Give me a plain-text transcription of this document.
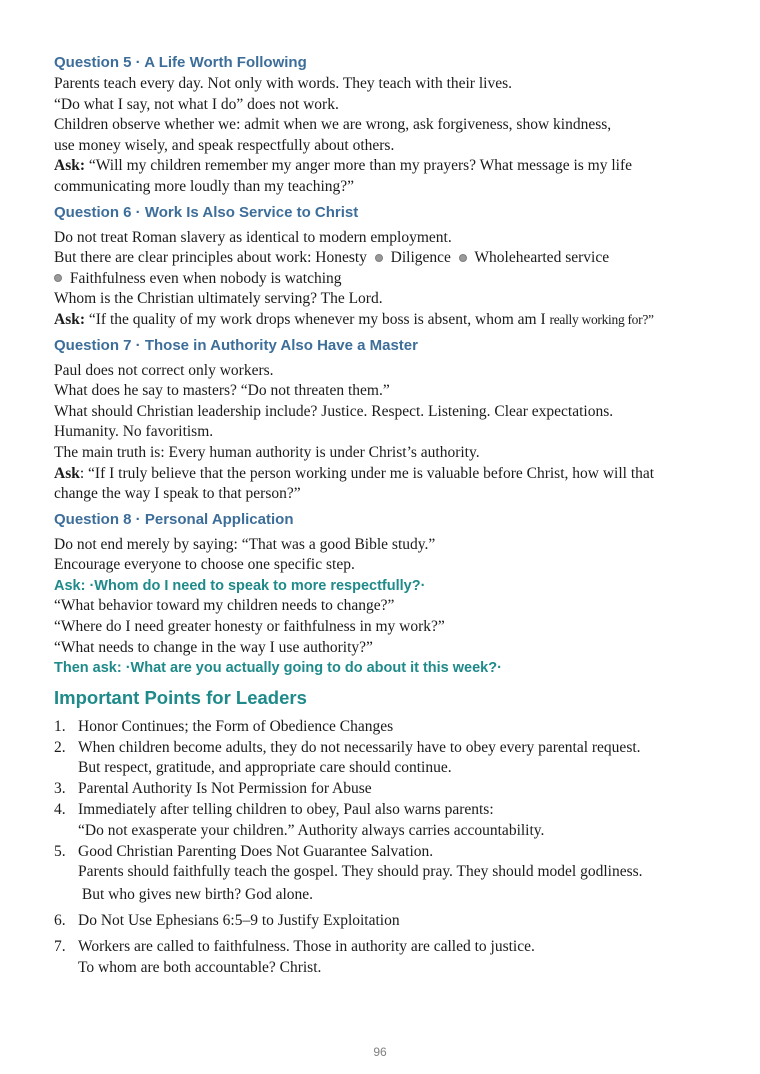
Question 5 · A Life Worth Following

Parents teach every day. Not only with words. They teach with their lives.

“Do what I say, not what I do” does not work.

Children observe whether we: admit when we are wrong, ask forgiveness, show kindness,

use money wisely, and speak respectfully about others.

Ask: “Will my children remember my anger more than my prayers? What message is my life

communicating more loudly than my teaching?”

Question 6 · Work Is Also Service to Christ

Do not treat Roman slavery as identical to modern employment.

But there are clear principles about work: Honesty  Diligence  Wholehearted service

Faithfulness even when nobody is watching

Whom is the Christian ultimately serving? The Lord.

Ask: “If the quality of my work drops whenever my boss is absent, whom am I really working for?”

Question 7 · Those in Authority Also Have a Master

Paul does not correct only workers.

What does he say to masters? “Do not threaten them.”

What should Christian leadership include? Justice. Respect. Listening. Clear expectations.

Humanity. No favoritism.

The main truth is: Every human authority is under Christ’s authority.

Ask: “If I truly believe that the person working under me is valuable before Christ, how will that

change the way I speak to that person?”

Question 8 · Personal Application

Do not end merely by saying: “That was a good Bible study.”

Encourage everyone to choose one specific step.

Ask: ·Whom do I need to speak to more respectfully?·

“What behavior toward my children needs to change?”

“Where do I need greater honesty or faithfulness in my work?”

“What needs to change in the way I use authority?”

Then ask: ·What are you actually going to do about it this week?·

Important Points for Leaders

1. Honor Continues; the Form of Obedience Changes
2. When children become adults, they do not necessarily have to obey every parental request.
But respect, gratitude, and appropriate care should continue.
3. Parental Authority Is Not Permission for Abuse
4. Immediately after telling children to obey, Paul also warns parents:
“Do not exasperate your children.” Authority always carries accountability.
5. Good Christian Parenting Does Not Guarantee Salvation.
Parents should faithfully teach the gospel. They should pray. They should model godliness.
But who gives new birth? God alone.
6. Do Not Use Ephesians 6:5–9 to Justify Exploitation
7. Workers are called to faithfulness. Those in authority are called to justice.
To whom are both accountable? Christ.
96
